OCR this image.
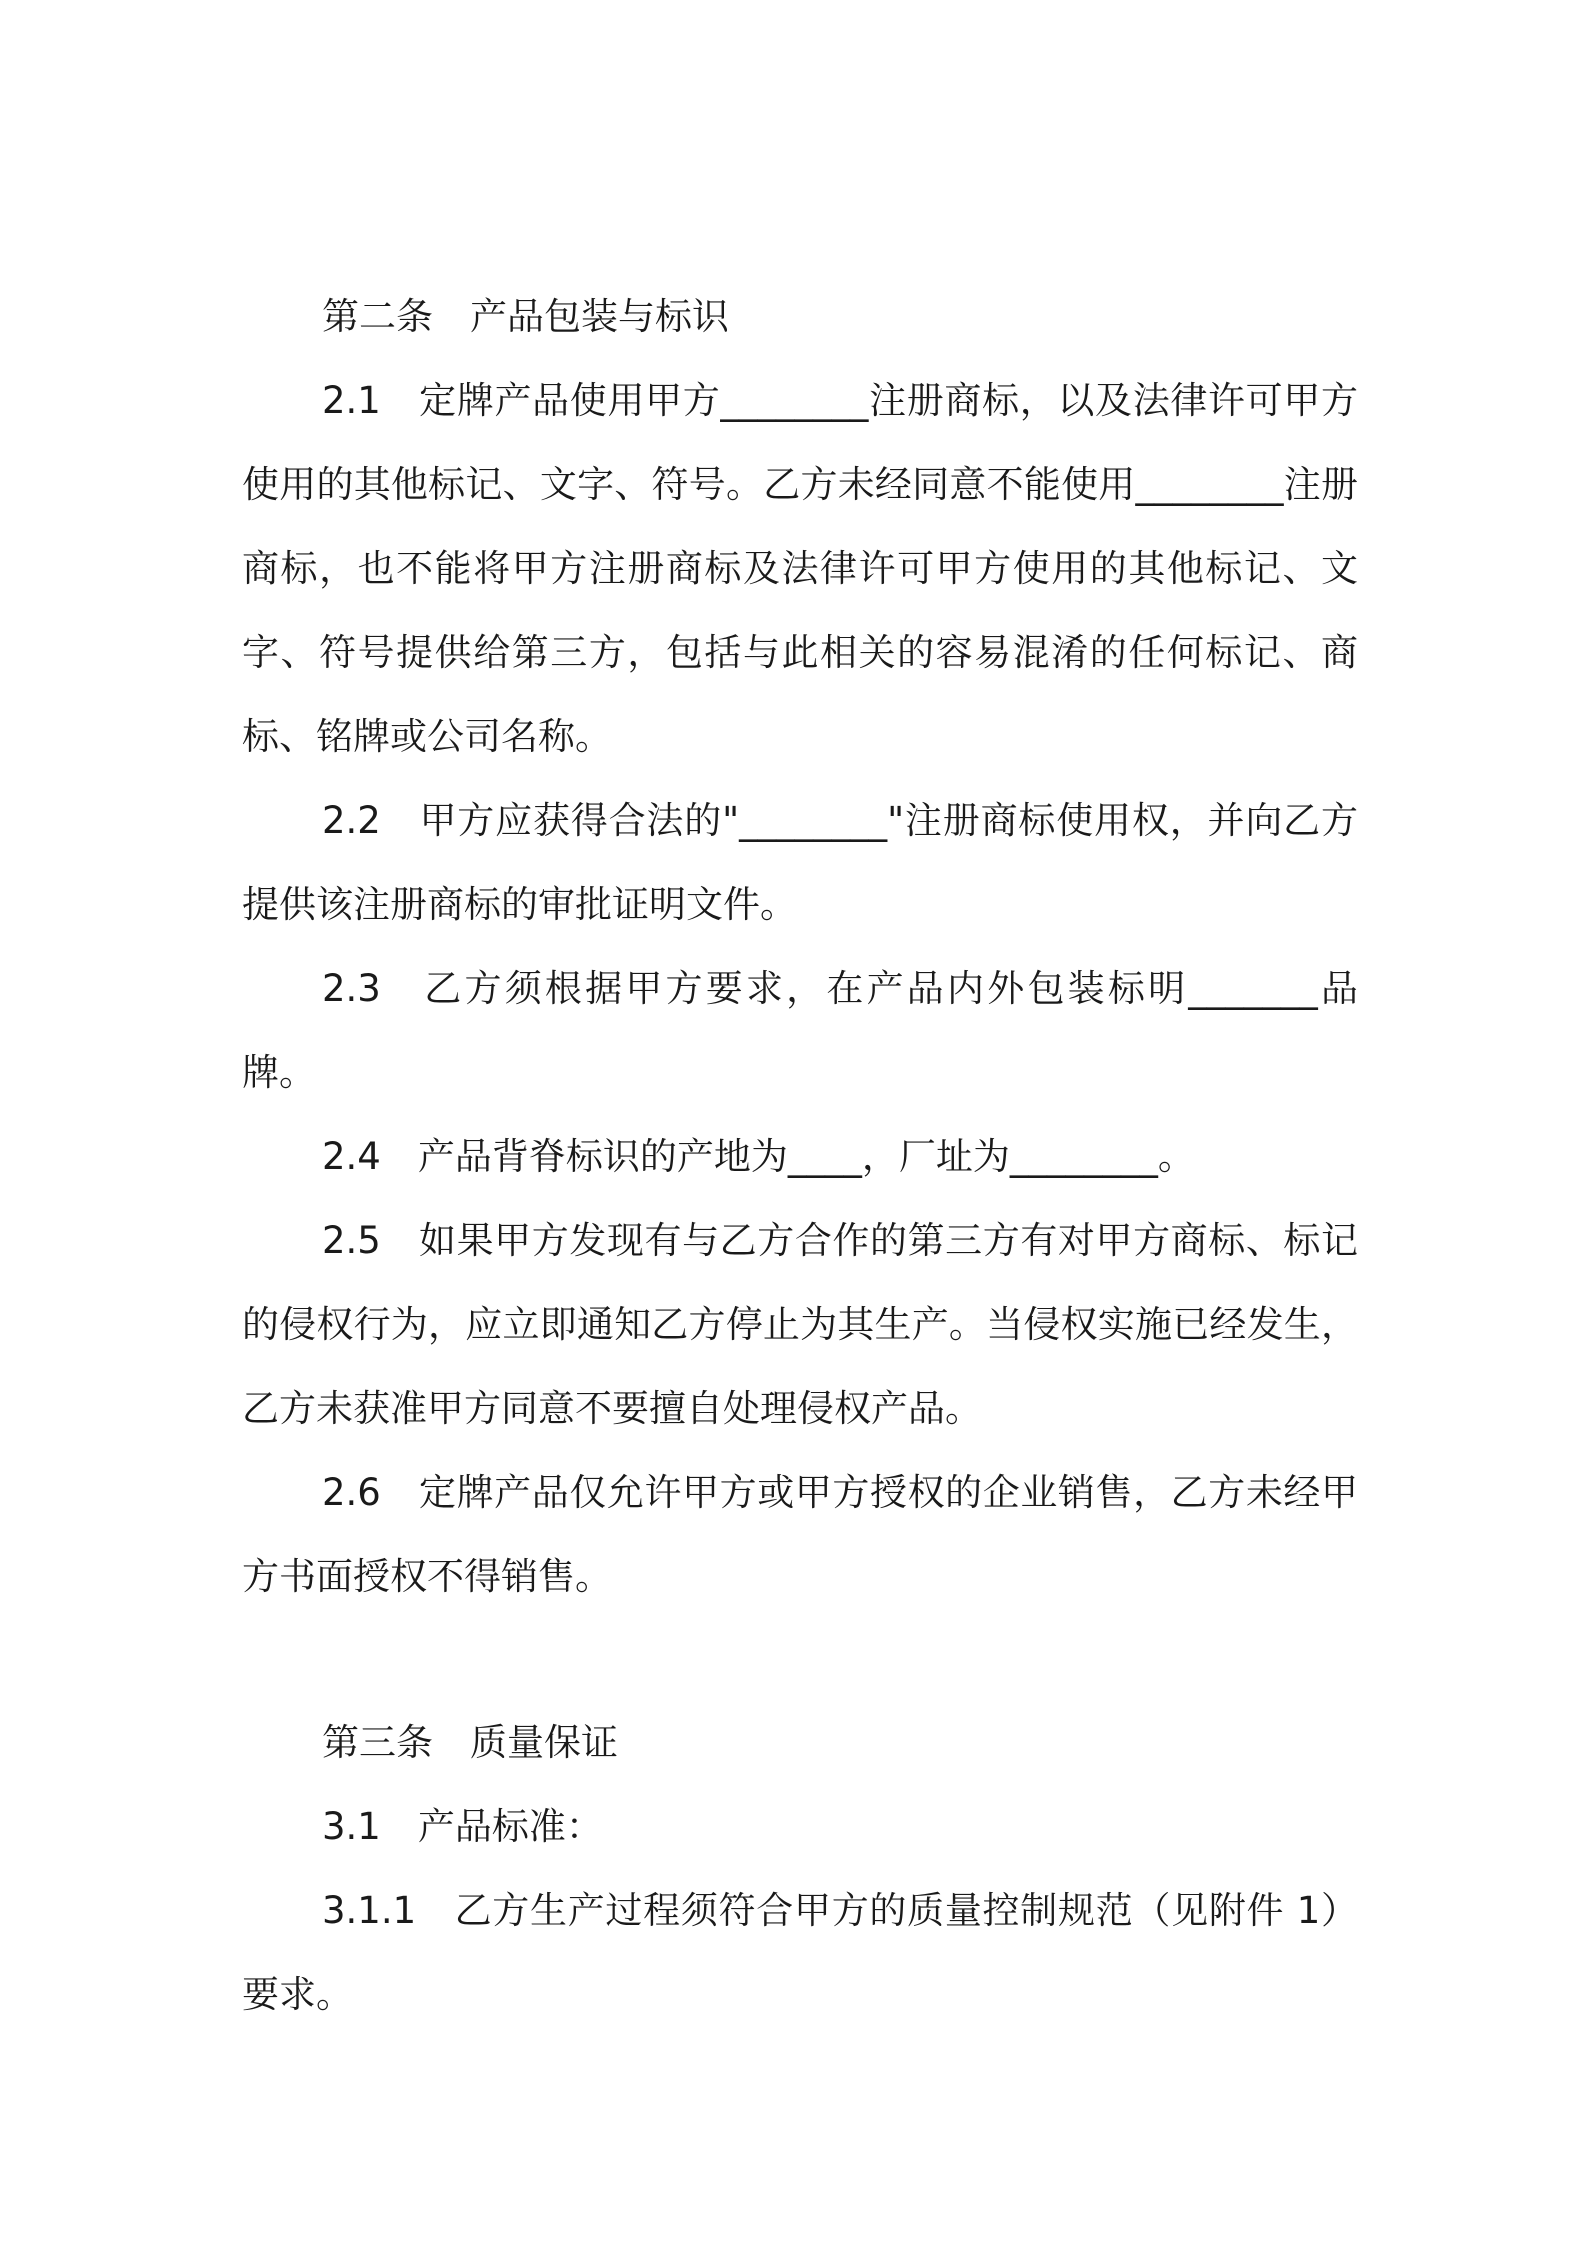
第二条　产品包装与标识

2.1　定牌产品使用甲方________注册商标，以及法律许可甲方使用的其他标记、文字、符号。乙方未经同意不能使用________注册商标，也不能将甲方注册商标及法律许可甲方使用的其他标记、文字、符号提供给第三方，包括与此相关的容易混淆的任何标记、商标、铭牌或公司名称。

2.2　甲方应获得合法的"________"注册商标使用权，并向乙方提供该注册商标的审批证明文件。

2.3　乙方须根据甲方要求，在产品内外包装标明_______品牌。

2.4　产品背脊标识的产地为____，厂址为________。

2.5　如果甲方发现有与乙方合作的第三方有对甲方商标、标记的侵权行为，应立即通知乙方停止为其生产。当侵权实施已经发生，乙方未获准甲方同意不要擅自处理侵权产品。

2.6　定牌产品仅允许甲方或甲方授权的企业销售，乙方未经甲方书面授权不得销售。

第三条　质量保证

3.1　产品标准：

3.1.1　乙方生产过程须符合甲方的质量控制规范（见附件 1）要求。
